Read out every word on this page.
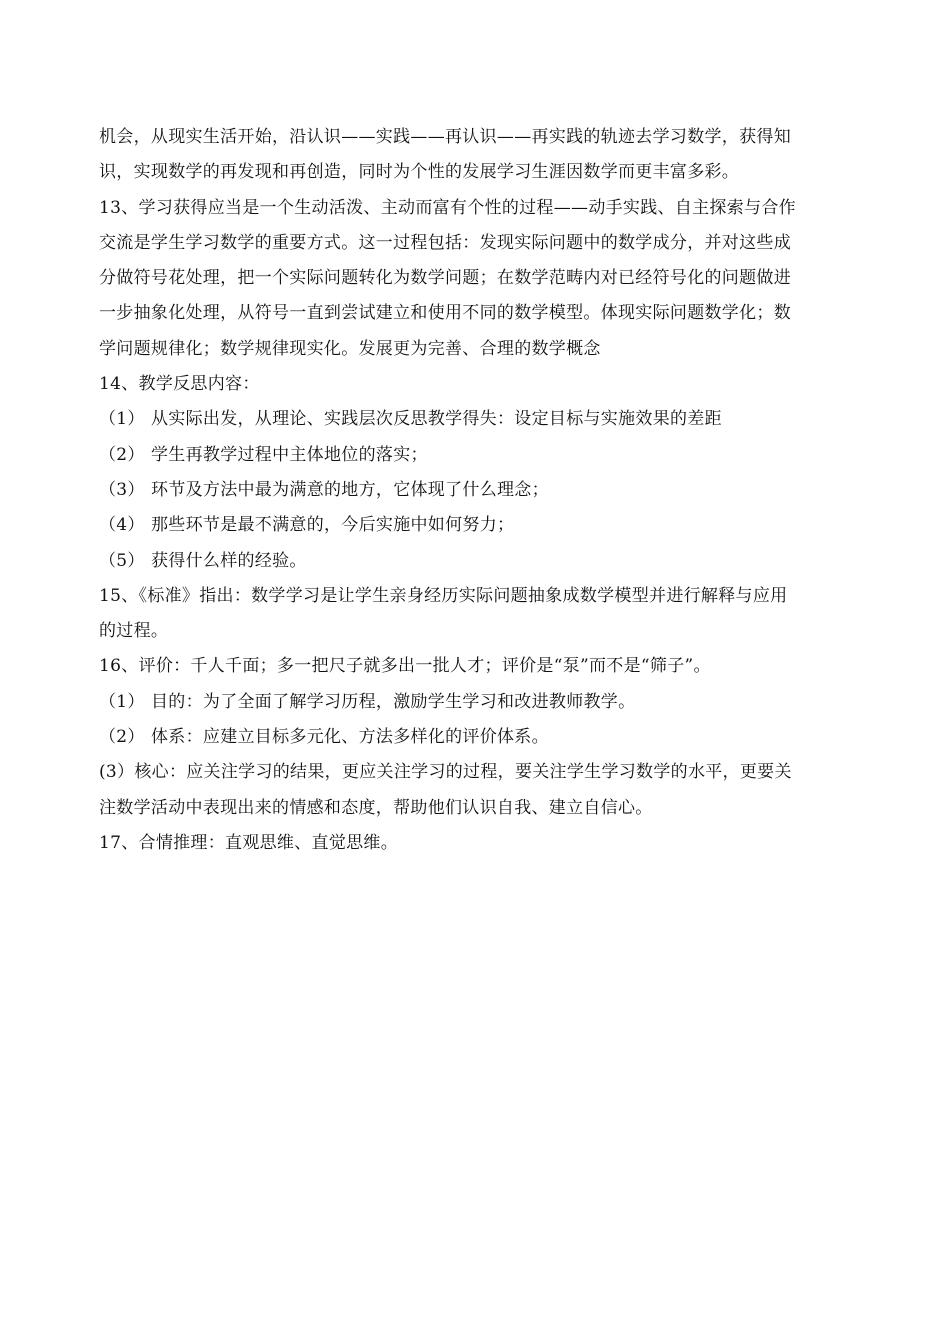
机会，从现实生活开始，沿认识——实践——再认识——再实践的轨迹去学习数学，获得知
识，实现数学的再发现和再创造，同时为个性的发展学习生涯因数学而更丰富多彩。
13、学习获得应当是一个生动活泼、主动而富有个性的过程——动手实践、自主探索与合作
交流是学生学习数学的重要方式。这一过程包括：发现实际问题中的数学成分，并对这些成
分做符号花处理，把一个实际问题转化为数学问题；在数学范畴内对已经符号化的问题做进
一步抽象化处理，从符号一直到尝试建立和使用不同的数学模型。体现实际问题数学化；数
学问题规律化；数学规律现实化。发展更为完善、合理的数学概念
14、教学反思内容：
（1） 从实际出发，从理论、实践层次反思教学得失：设定目标与实施效果的差距
（2） 学生再教学过程中主体地位的落实；
（3） 环节及方法中最为满意的地方，它体现了什么理念；
（4） 那些环节是最不满意的，今后实施中如何努力；
（5） 获得什么样的经验。
15、《标准》指出：数学学习是让学生亲身经历实际问题抽象成数学模型并进行解释与应用
的过程。
16、评价：千人千面；多一把尺子就多出一批人才；评价是“泵”而不是“筛子”。
（1） 目的：为了全面了解学习历程，激励学生学习和改进教师教学。
（2） 体系：应建立目标多元化、方法多样化的评价体系。
(3）核心：应关注学习的结果，更应关注学习的过程，要关注学生学习数学的水平，更要关
注数学活动中表现出来的情感和态度，帮助他们认识自我、建立自信心。
17、合情推理：直观思维、直觉思维。
